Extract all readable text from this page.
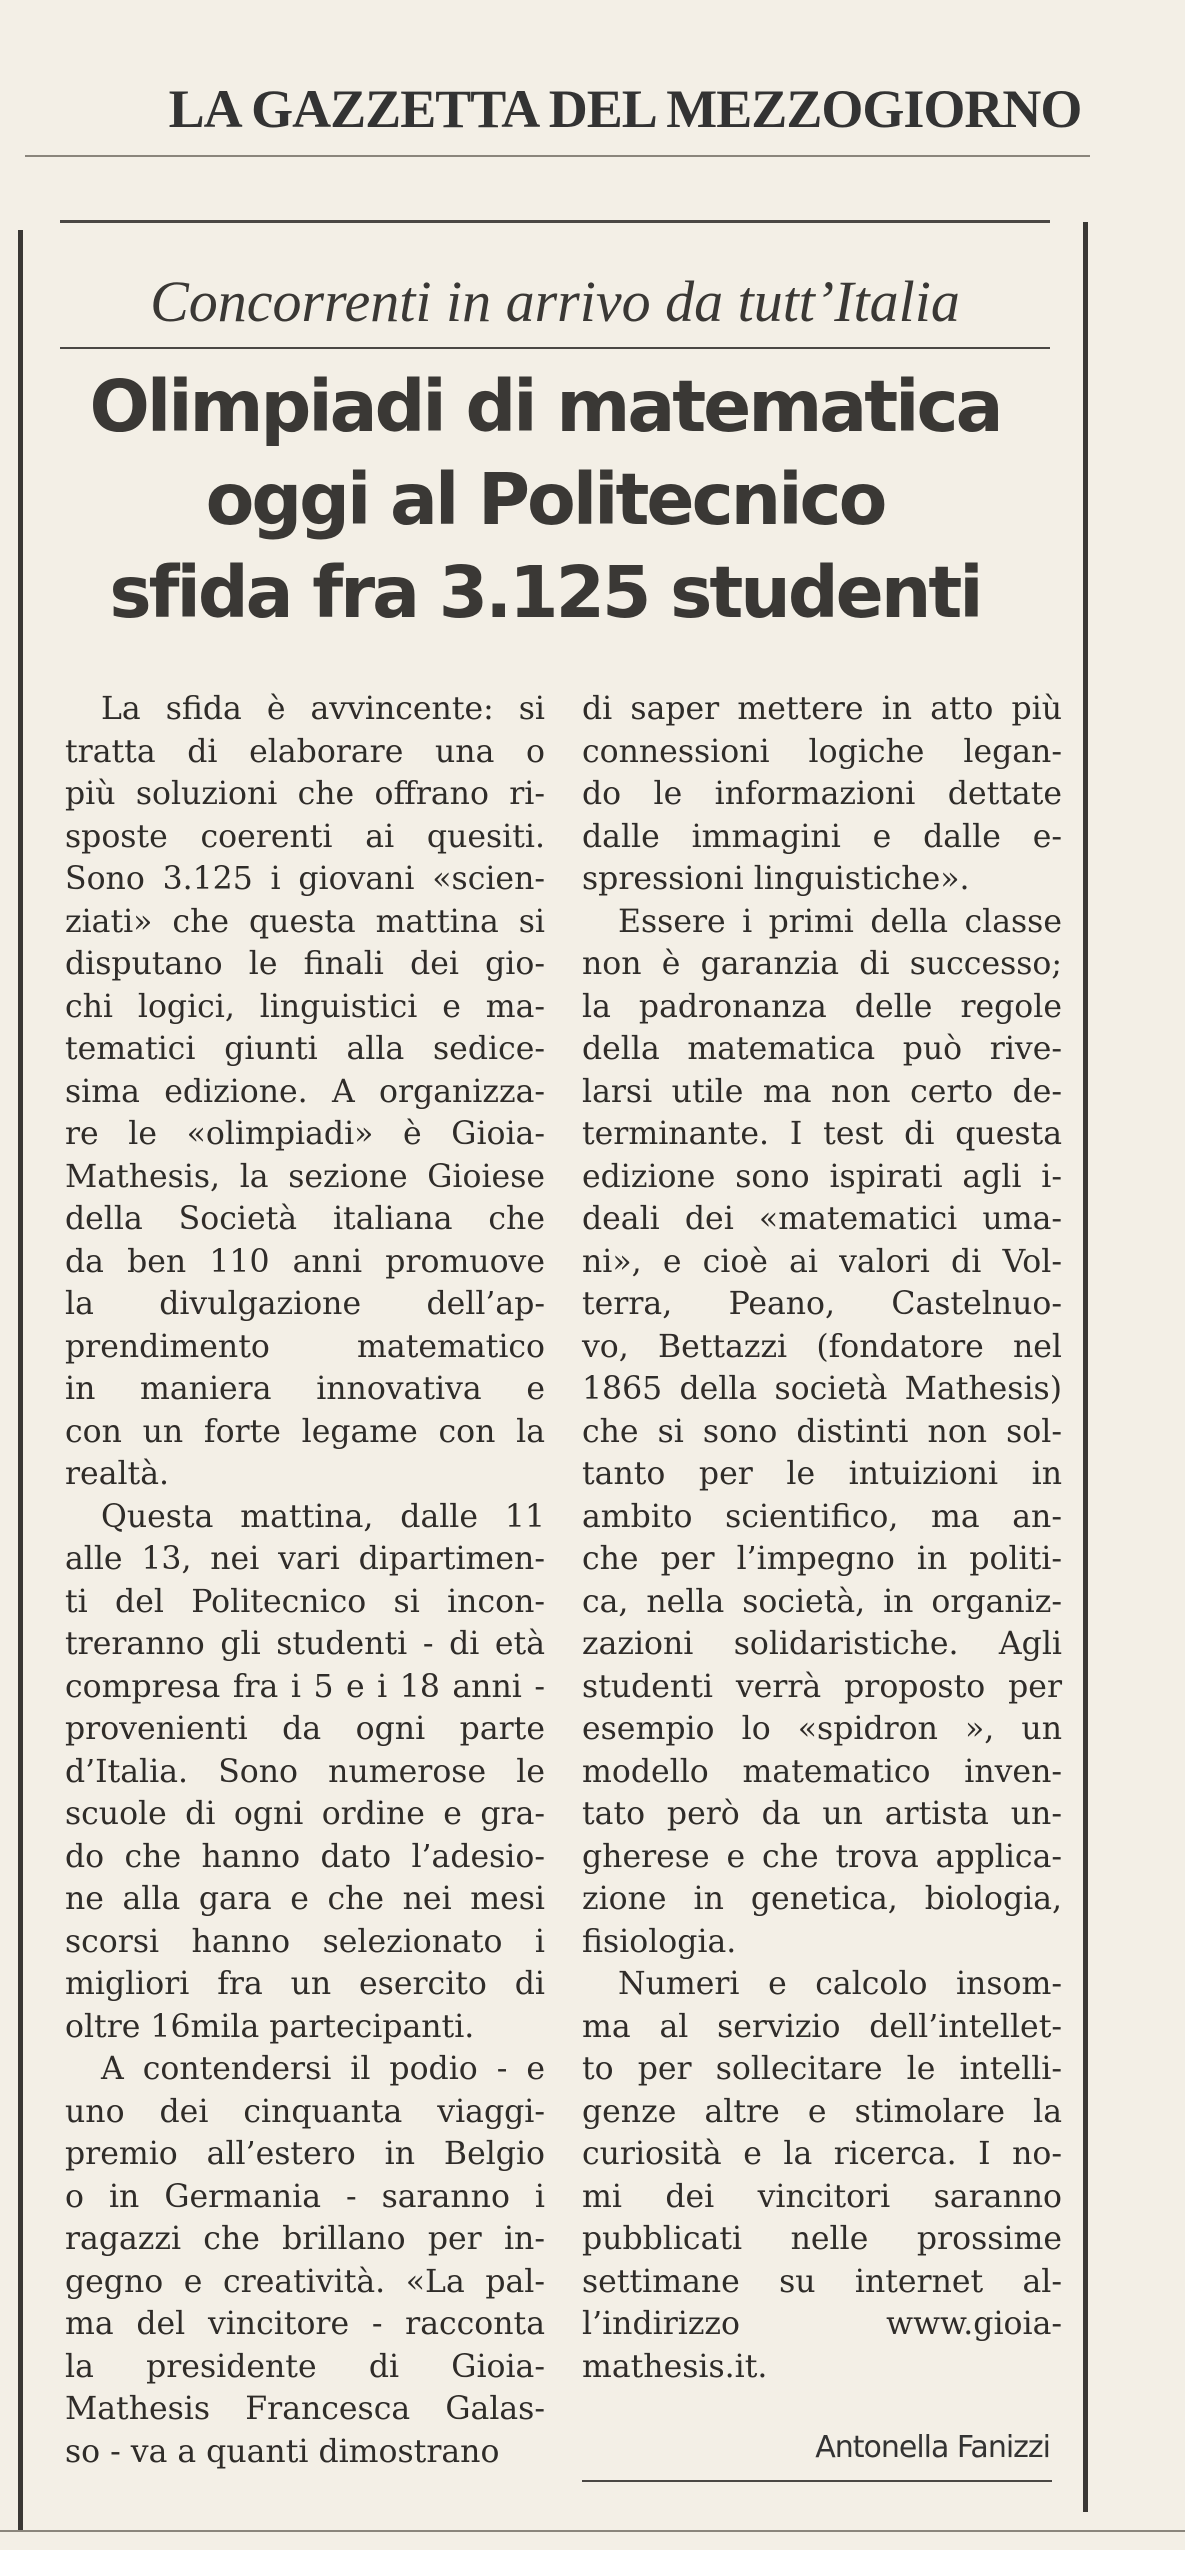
LA GAZZETTA DEL MEZZOGIORNO
Concorrenti in arrivo da tutt’Italia
Olimpiadi di matematica
oggi al Politecnico
sfida fra 3.125 studenti
La sfida è avvincente: si
tratta di elaborare una o
più soluzioni che offrano ri-
sposte coerenti ai quesiti.
Sono 3.125 i giovani «scien-
ziati» che questa mattina si
disputano le finali dei gio-
chi logici, linguistici e ma-
tematici giunti alla sedice-
sima edizione. A organizza-
re le «olimpiadi» è Gioia-
Mathesis, la sezione Gioiese
della Società italiana che
da ben 110 anni promuove
la divulgazione dell’ap-
prendimento matematico
in maniera innovativa e
con un forte legame con la
realtà.
Questa mattina, dalle 11
alle 13, nei vari dipartimen-
ti del Politecnico si incon-
treranno gli studenti - di età
compresa fra i 5 e i 18 anni -
provenienti da ogni parte
d’Italia. Sono numerose le
scuole di ogni ordine e gra-
do che hanno dato l’adesio-
ne alla gara e che nei mesi
scorsi hanno selezionato i
migliori fra un esercito di
oltre 16mila partecipanti.
A contendersi il podio - e
uno dei cinquanta viaggi-
premio all’estero in Belgio
o in Germania - saranno i
ragazzi che brillano per in-
gegno e creatività. «La pal-
ma del vincitore - racconta
la presidente di Gioia-
Mathesis Francesca Galas-
so - va a quanti dimostrano
di saper mettere in atto più
connessioni logiche legan-
do le informazioni dettate
dalle immagini e dalle e-
spressioni linguistiche».
Essere i primi della classe
non è garanzia di successo;
la padronanza delle regole
della matematica può rive-
larsi utile ma non certo de-
terminante. I test di questa
edizione sono ispirati agli i-
deali dei «matematici uma-
ni», e cioè ai valori di Vol-
terra, Peano, Castelnuo-
vo, Bettazzi (fondatore nel
1865 della società Mathesis)
che si sono distinti non sol-
tanto per le intuizioni in
ambito scientifico, ma an-
che per l’impegno in politi-
ca, nella società, in organiz-
zazioni solidaristiche. Agli
studenti verrà proposto per
esempio lo «spidron », un
modello matematico inven-
tato però da un artista un-
gherese e che trova applica-
zione in genetica, biologia,
fisiologia.
Numeri e calcolo insom-
ma al servizio dell’intellet-
to per sollecitare le intelli-
genze altre e stimolare la
curiosità e la ricerca. I no-
mi dei vincitori saranno
pubblicati nelle prossime
settimane su internet al-
l’indirizzo www.gioia-
mathesis.it.
Antonella Fanizzi
